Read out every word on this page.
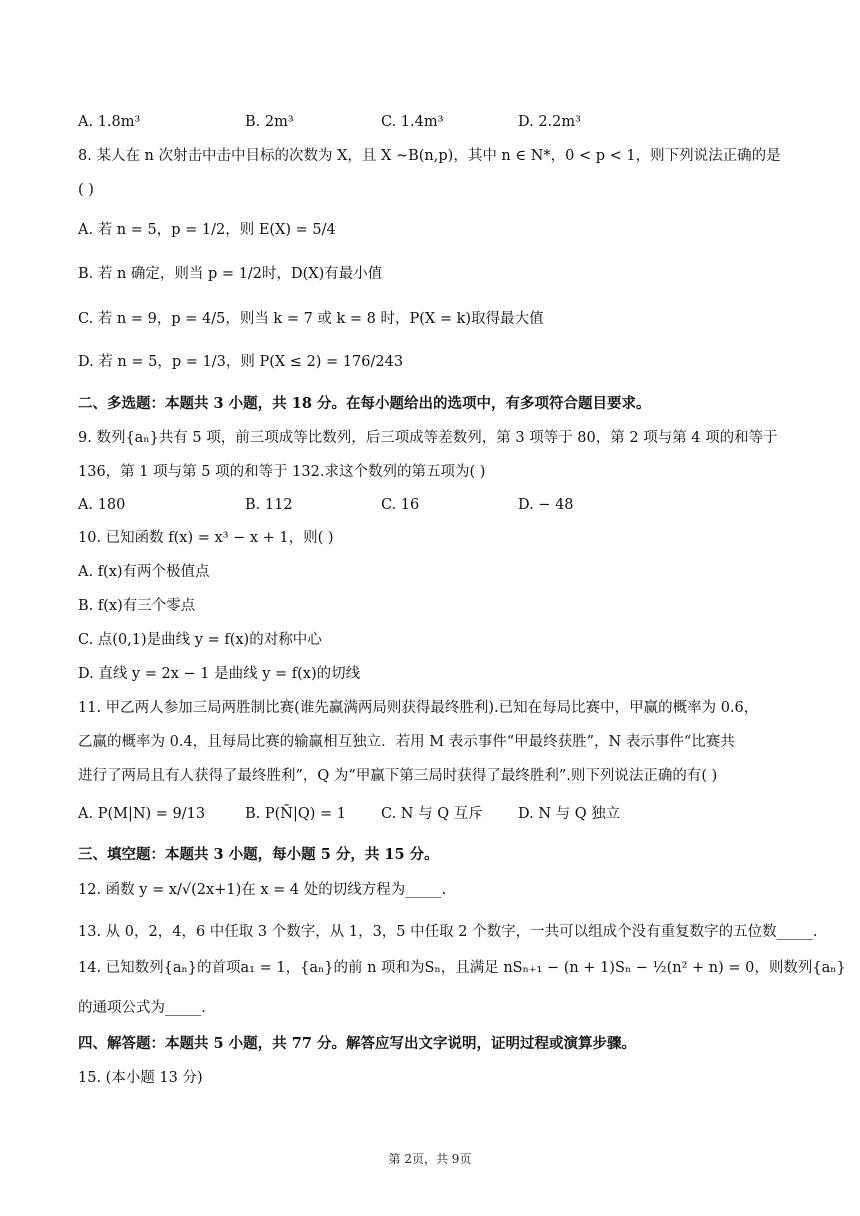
A. 1.8m³	B. 2m³	C. 1.4m³	D. 2.2m³
8. 某人在 n 次射击中击中目标的次数为 X，且 X ~B(n,p)，其中 n ∈ N*，0 < p < 1，则下列说法正确的是
( )
A. 若 n = 5，p = 1/2，则 E(X) = 5/4
B. 若 n 确定，则当 p = 1/2时，D(X)有最小值
C. 若 n = 9，p = 4/5，则当 k = 7 或 k = 8 时，P(X = k)取得最大值
D. 若 n = 5，p = 1/3，则 P(X ≤ 2) = 176/243
二、多选题：本题共 3 小题，共 18 分。在每小题给出的选项中，有多项符合题目要求。
9. 数列{aₙ}共有 5 项，前三项成等比数列，后三项成等差数列，第 3 项等于 80，第 2 项与第 4 项的和等于
136，第 1 项与第 5 项的和等于 132.求这个数列的第五项为( )
A. 180	B. 112	C. 16	D. − 48
10. 已知函数 f(x) = x³ − x + 1，则( )
A. f(x)有两个极值点
B. f(x)有三个零点
C. 点(0,1)是曲线 y = f(x)的对称中心
D. 直线 y = 2x − 1 是曲线 y = f(x)的切线
11. 甲乙两人参加三局两胜制比赛(谁先赢满两局则获得最终胜利).已知在每局比赛中，甲赢的概率为 0.6，
乙赢的概率为 0.4，且每局比赛的输赢相互独立．若用 M 表示事件“甲最终获胜”，N 表示事件“比赛共
进行了两局且有人获得了最终胜利”，Q 为“甲赢下第三局时获得了最终胜利”.则下列说法正确的有( )
A. P(M|N) = 9/13	B. P(N̄|Q) = 1 C. N 与 Q 互斥 D. N 与 Q 独立
三、填空题：本题共 3 小题，每小题 5 分，共 15 分。
12. 函数 y = x/√(2x+1)在 x = 4 处的切线方程为_____.
13. 从 0，2，4，6 中任取 3 个数字，从 1，3，5 中任取 2 个数字，一共可以组成个没有重复数字的五位数_____.
14. 已知数列{aₙ}的首项a₁ = 1，{aₙ}的前 n 项和为Sₙ，且满足 nSₙ₊₁ − (n + 1)Sₙ − ½(n² + n) = 0，则数列{aₙ}
的通项公式为_____.
四、解答题：本题共 5 小题，共 77 分。解答应写出文字说明，证明过程或演算步骤。
15. (本小题 13 分)
第 2页，共 9页
